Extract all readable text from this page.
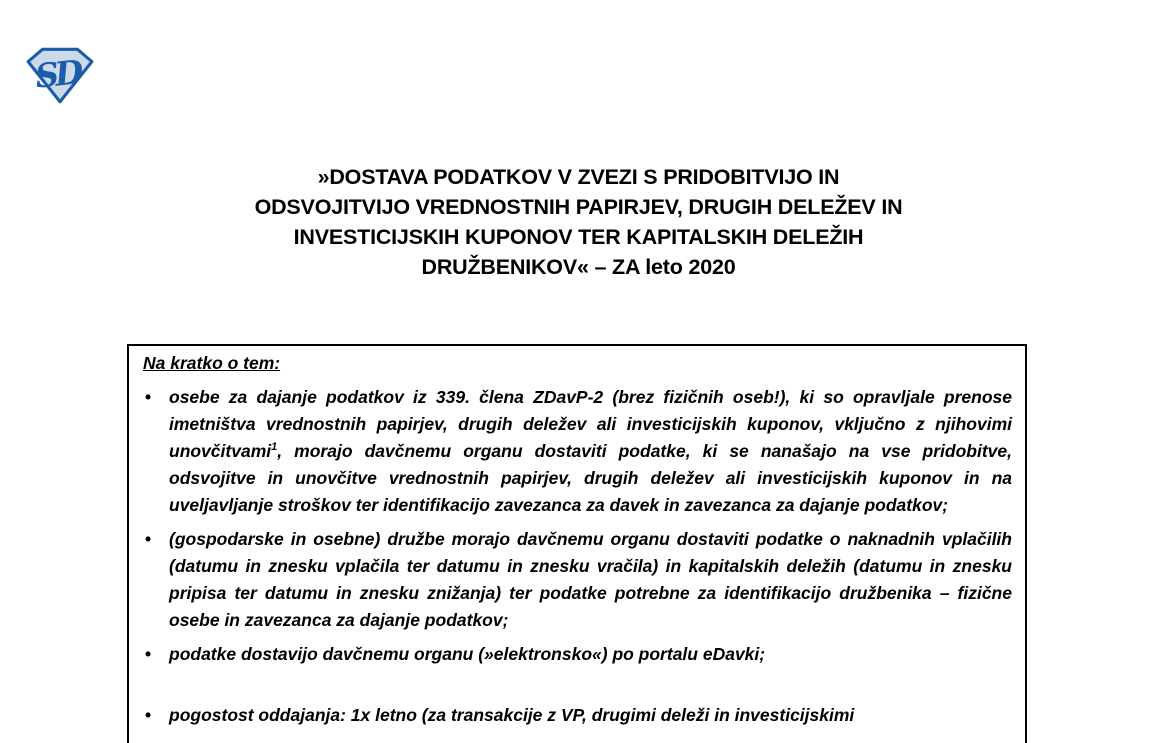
SD
»DOSTAVA PODATKOV V ZVEZI S PRIDOBITVIJO IN
ODSVOJITVIJO VREDNOSTNIH PAPIRJEV, DRUGIH DELEŽEV IN
INVESTICIJSKIH KUPONOV TER KAPITALSKIH DELEŽIH
DRUŽBENIKOV« – ZA leto 2020
Na kratko o tem:
• osebe za dajanje podatkov iz 339. člena ZDavP-2 (brez fizičnih oseb!), ki so opravljale prenose imetništva vrednostnih papirjev, drugih deležev ali investicijskih kuponov, vključno z njihovimi unovčitvami$^1$, morajo davčnemu organu dostaviti podatke, ki se nanašajo na vse pridobitve, odsvojitve in unovčitve vrednostnih papirjev, drugih deležev ali investicijskih kuponov in na uveljavljanje stroškov ter identifikacijo zavezanca za davek in zavezanca za dajanje podatkov;
• (gospodarske in osebne) družbe morajo davčnemu organu dostaviti podatke o naknadnih vplačilih (datumu in znesku vplačila ter datumu in znesku vračila) in kapitalskih deležih (datumu in znesku pripisa ter datumu in znesku znižanja) ter podatke potrebne za identifikacijo družbenika – fizične osebe in zavezanca za dajanje podatkov;
• podatke dostavijo davčnemu organu (»elektronsko«) po portalu eDavki;
• pogostost oddajanja: 1x letno (za transakcije z VP, drugimi deleži in investicijskimi
